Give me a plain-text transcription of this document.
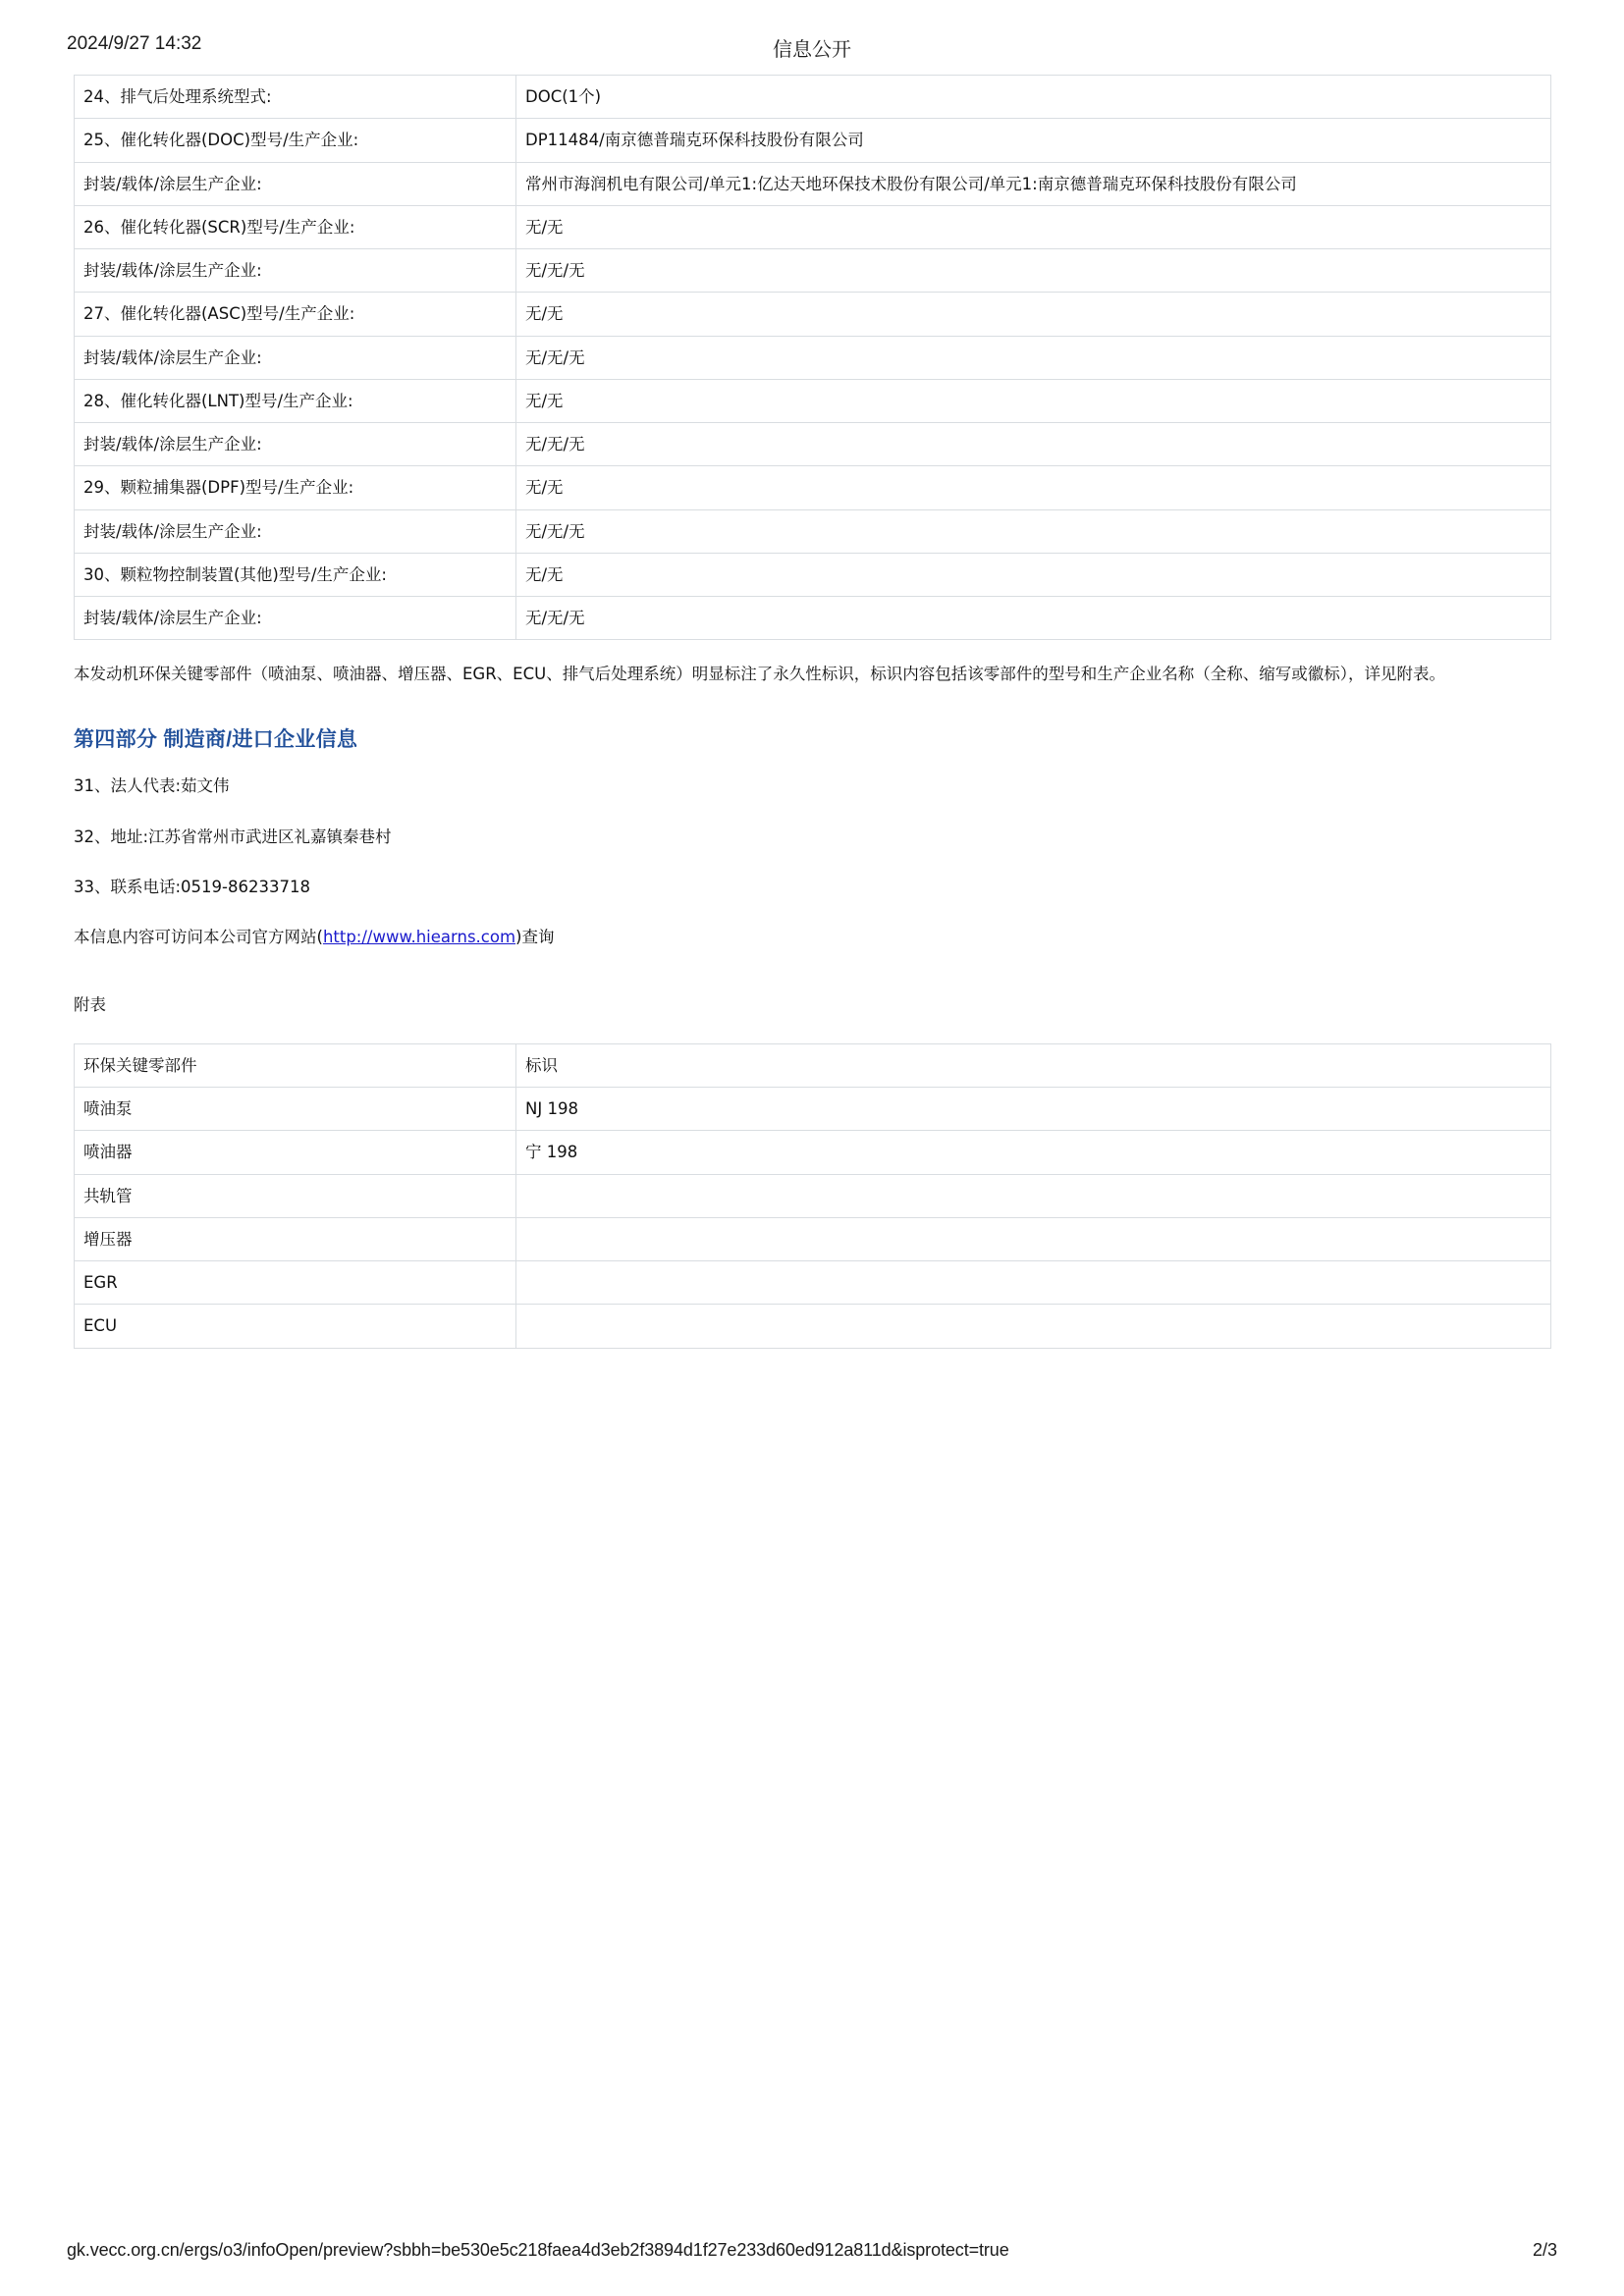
2024/9/27 14:32	信息公开
24、排气后处理系统型式:	DOC(1个)
25、催化转化器(DOC)型号/生产企业:	DP11484/南京德普瑞克环保科技股份有限公司
封装/载体/涂层生产企业:	常州市海润机电有限公司/单元1:亿达天地环保技术股份有限公司/单元1:南京德普瑞克环保科技股份有限公司
26、催化转化器(SCR)型号/生产企业:	无/无
封装/载体/涂层生产企业:	无/无/无
27、催化转化器(ASC)型号/生产企业:	无/无
封装/载体/涂层生产企业:	无/无/无
28、催化转化器(LNT)型号/生产企业:	无/无
封装/载体/涂层生产企业:	无/无/无
29、颗粒捕集器(DPF)型号/生产企业:	无/无
封装/载体/涂层生产企业:	无/无/无
30、颗粒物控制装置(其他)型号/生产企业:	无/无
封装/载体/涂层生产企业:	无/无/无

本发动机环保关键零部件（喷油泵、喷油器、增压器、EGR、ECU、排气后处理系统）明显标注了永久性标识，标识内容包括该零部件的型号和生产企业名称（全称、缩写或徽标），详见附表。

第四部分 制造商/进口企业信息

31、法人代表:茹文伟

32、地址:江苏省常州市武进区礼嘉镇秦巷村

33、联系电话:0519-86233718

本信息内容可访问本公司官方网站(http://www.hiearns.com)查询

附表

环保关键零部件	标识
喷油泵	NJ 198
喷油器	宁 198
共轨管	
增压器	
EGR	
ECU	
gk.vecc.org.cn/ergs/o3/infoOpen/preview?sbbh=be530e5c218faea4d3eb2f3894d1f27e233d60ed912a811d&isprotect=true	2/3
